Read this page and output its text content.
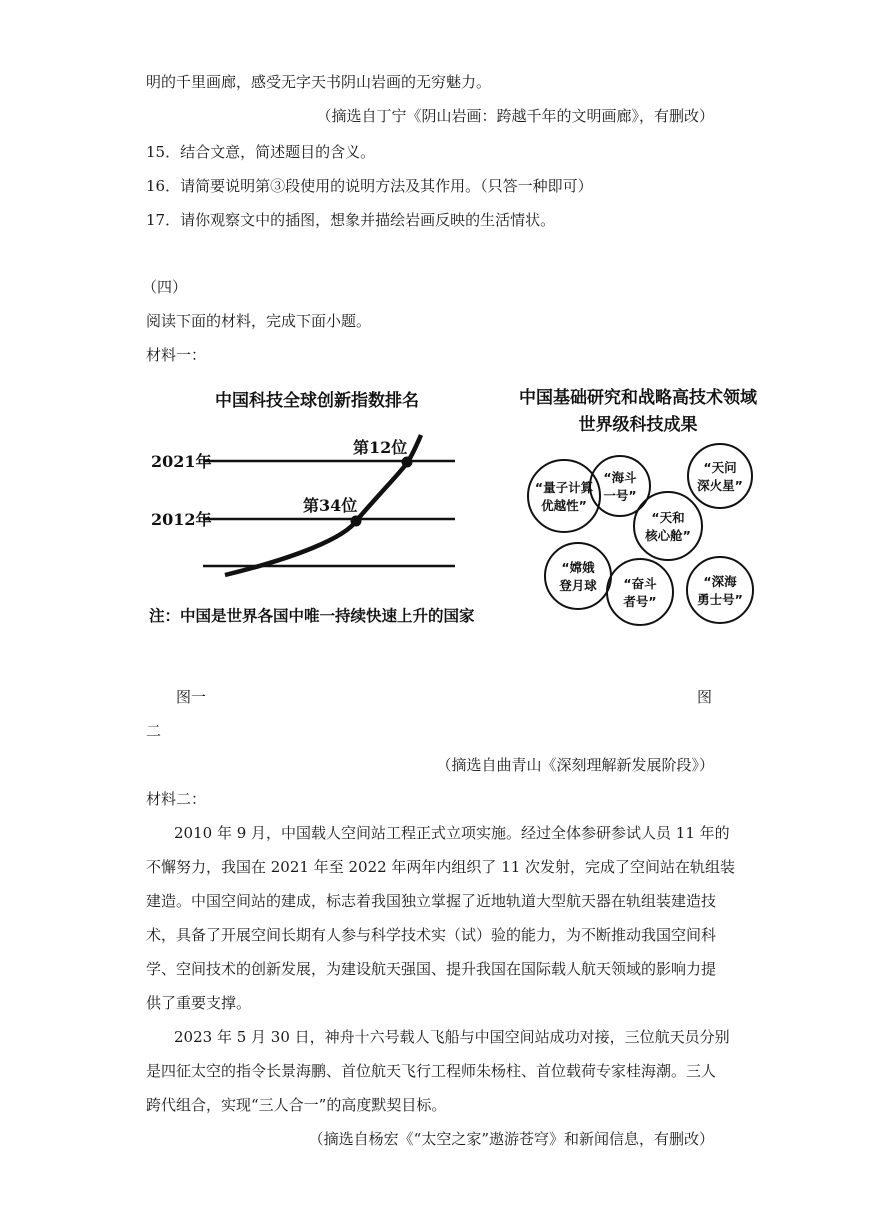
明的千里画廊，感受无字天书阴山岩画的无穷魅力。
（摘选自丁宁《阴山岩画：跨越千年的文明画廊》，有删改）
15．结合文意，简述题目的含义。
16．请简要说明第③段使用的说明方法及其作用。（只答一种即可）
17．请你观察文中的插图，想象并描绘岩画反映的生活情状。
（四）
阅读下面的材料，完成下面小题。
材料一：
中国科技全球创新指数排名
2021年
2012年
第12位
第34位
注：中国是世界各国中唯一持续快速上升的国家
中国基础研究和战略高技术领域
世界级科技成果
“量子计算
优越性”
“海斗
一号”
“天问
深火星”
“天和
核心舱”
“嫦娥
登月球 “奋斗
者号”
“深海
勇士号”
图一	图
二
（摘选自曲青山《深刻理解新发展阶段》）
材料二：
2010 年 9 月，中国载人空间站工程正式立项实施。经过全体参研参试人员 11 年的
不懈努力，我国在 2021 年至 2022 年两年内组织了 11 次发射，完成了空间站在轨组装
建造。中国空间站的建成，标志着我国独立掌握了近地轨道大型航天器在轨组装建造技
术，具备了开展空间长期有人参与科学技术实（试）验的能力，为不断推动我国空间科
学、空间技术的创新发展，为建设航天强国、提升我国在国际载人航天领域的影响力提
供了重要支撑。
2023 年 5 月 30 日，神舟十六号载人飞船与中国空间站成功对接，三位航天员分别
是四征太空的指令长景海鹏、首位航天飞行工程师朱杨柱、首位载荷专家桂海潮。三人
跨代组合，实现“三人合一”的高度默契目标。
（摘选自杨宏《“太空之家”遨游苍穹》和新闻信息，有删改）
